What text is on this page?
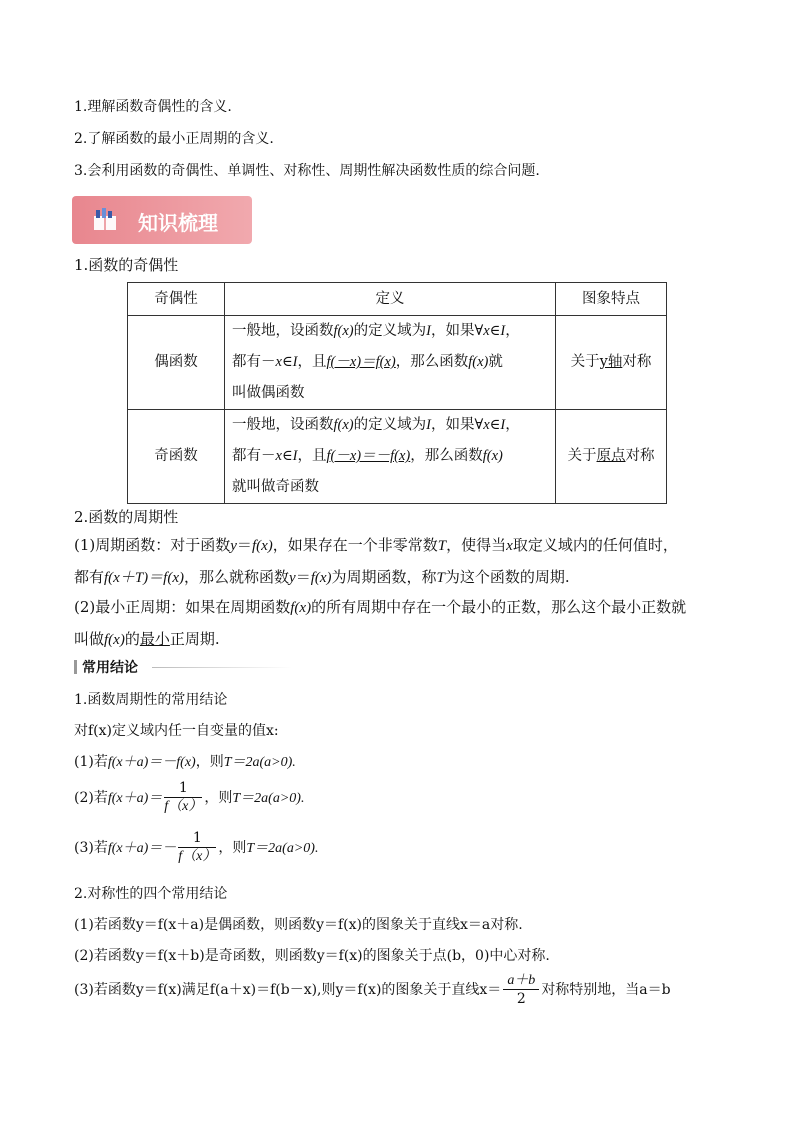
1.理解函数奇偶性的含义.
2.了解函数的最小正周期的含义.
3.会利用函数的奇偶性、单调性、对称性、周期性解决函数性质的综合问题.
知识梳理
1.函数的奇偶性
奇偶性	定义	图象特点
偶函数	一般地，设函数f(x)的定义域为I，如果∀x∈I，
都有－x∈I，且f(－x)＝f(x)，那么函数f(x)就
叫做偶函数	关于y轴对称
奇函数	一般地，设函数f(x)的定义域为I，如果∀x∈I，
都有－x∈I，且f(－x)＝－f(x)，那么函数f(x)
就叫做奇函数	关于原点对称
2.函数的周期性
(1)周期函数：对于函数y＝f(x)，如果存在一个非零常数T，使得当x取定义域内的任何值时，
都有f(x＋T)＝f(x)，那么就称函数y＝f(x)为周期函数，称T为这个函数的周期.
(2)最小正周期：如果在周期函数f(x)的所有周期中存在一个最小的正数，那么这个最小正数就
叫做f(x)的最小正周期.
常用结论
1.函数周期性的常用结论
对f(x)定义域内任一自变量的值x:
(1)若f(x＋a)＝－f(x)，则T＝2a(a>0).
(2)若$f(x+a)= \frac{1}{f(x)}$ ，则T＝2a(a>0).
(3)若$f(x+a)=- \frac{1}{f(x)}$ ，则T＝2a(a>0).
2.对称性的四个常用结论
(1)若函数y＝f(x＋a)是偶函数，则函数y＝f(x)的图象关于直线x＝a对称.
(2)若函数y＝f(x＋b)是奇函数，则函数y＝f(x)的图象关于点(b，0)中心对称.
(3)若函数y＝f(x)满足f(a＋x)＝f(b－x),则y＝f(x)的图象关于直线$x= \frac{a+b}{2}$ 对称特别地，当a＝b
